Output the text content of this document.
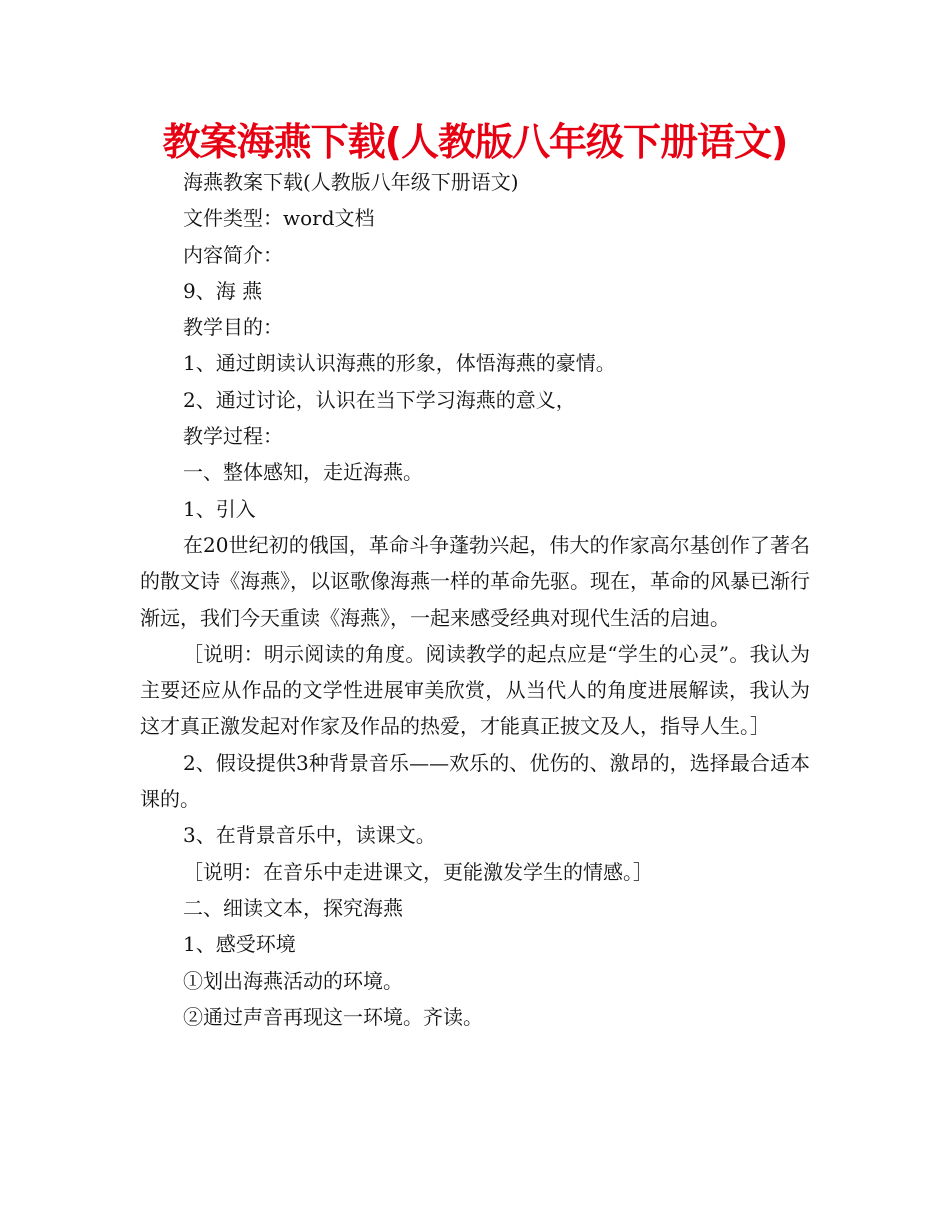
教案海燕下载(人教版八年级下册语文)

海燕教案下载(人教版八年级下册语文)

文件类型：word文档

内容简介：

9、海 燕

教学目的：

1、通过朗读认识海燕的形象，体悟海燕的豪情。

2、通过讨论，认识在当下学习海燕的意义，

教学过程：

一、整体感知，走近海燕。

1、引入

在20世纪初的俄国，革命斗争蓬勃兴起，伟大的作家高尔基创作了著名的散文诗《海燕》，以讴歌像海燕一样的革命先驱。现在，革命的风暴已渐行渐远，我们今天重读《海燕》，一起来感受经典对现代生活的启迪。

［说明：明示阅读的角度。阅读教学的起点应是“学生的心灵”。我认为主要还应从作品的文学性进展审美欣赏，从当代人的角度进展解读，我认为这才真正激发起对作家及作品的热爱，才能真正披文及人，指导人生。］

2、假设提供3种背景音乐——欢乐的、优伤的、激昂的，选择最合适本课的。

3、在背景音乐中，读课文。

［说明：在音乐中走进课文，更能激发学生的情感。］

二、细读文本，探究海燕

1、感受环境

①划出海燕活动的环境。

②通过声音再现这一环境。齐读。
